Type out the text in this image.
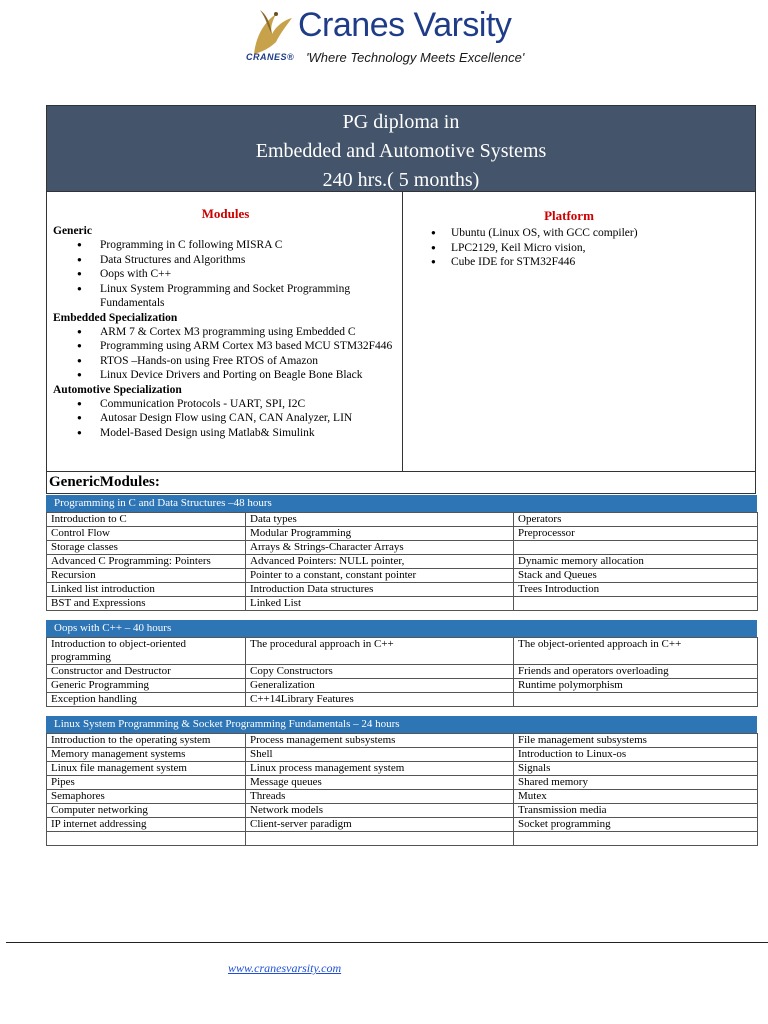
CRANES®
Cranes Varsity
'Where Technology Meets Excellence'
PG diploma in
Embedded and Automotive Systems
240 hrs.( 5 months)
Modules
Generic
● Programming in C following MISRA C
● Data Structures and Algorithms
● Oops with C++
● Linux System Programming and Socket Programming Fundamentals
Embedded Specialization
● ARM 7 & Cortex M3 programming using Embedded C
● Programming using ARM Cortex M3 based MCU STM32F446
● RTOS –Hands-on using Free RTOS of Amazon
● Linux Device Drivers and Porting on Beagle Bone Black
Automotive Specialization
● Communication Protocols - UART, SPI, I2C
● Autosar Design Flow using CAN, CAN Analyzer, LIN
● Model-Based Design using Matlab& Simulink
Platform
● Ubuntu (Linux OS, with GCC compiler)
● LPC2129, Keil Micro vision,
● Cube IDE for STM32F446
GenericModules:
Programming in C and Data Structures –48 hours
Introduction to C	Data types	Operators
Control Flow	Modular Programming	Preprocessor
Storage classes	Arrays & Strings-Character Arrays	
Advanced C Programming: Pointers	Advanced Pointers: NULL pointer,	Dynamic memory allocation
Recursion	Pointer to a constant, constant pointer	Stack and Queues
Linked list introduction	Introduction Data structures	Trees Introduction
BST and Expressions	Linked List	
Oops with C++ – 40 hours
Introduction to object-oriented programming	The procedural approach in C++	The object-oriented approach in C++
Constructor and Destructor	Copy Constructors	Friends and operators overloading
Generic Programming	Generalization	Runtime polymorphism
Exception handling	C++14Library Features	
Linux System Programming & Socket Programming Fundamentals – 24 hours
Introduction to the operating system	Process management subsystems	File management subsystems
Memory management systems	Shell	Introduction to Linux-os
Linux file management system	Linux process management system	Signals
Pipes	Message queues	Shared memory
Semaphores	Threads	Mutex
Computer networking	Network models	Transmission media
IP internet addressing	Client-server paradigm	Socket programming

www.cranesvarsity.com
